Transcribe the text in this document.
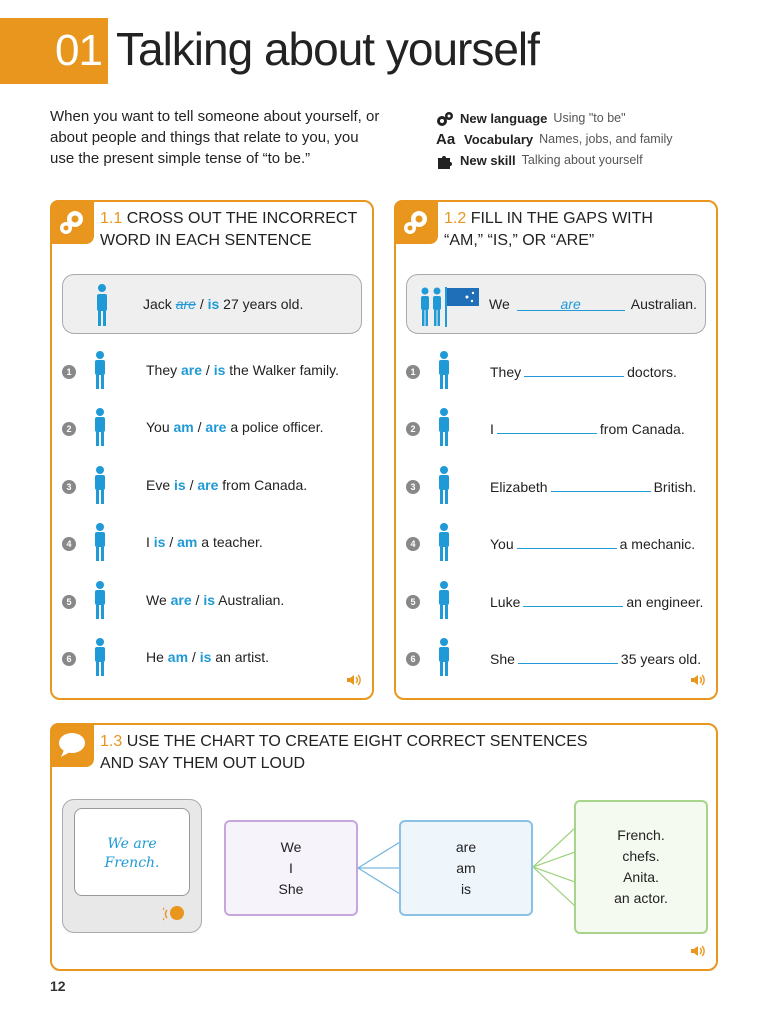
01 Talking about yourself
When you want to tell someone about yourself, or about people and things that relate to you, you use the present simple tense of “to be.”
New language Using "to be"
Aa Vocabulary Names, jobs, and family
New skill Talking about yourself
1.1 CROSS OUT THE INCORRECT
WORD IN EACH SENTENCE
Jack are / is 27 years old.
1	They are / is the Walker family.
2	You am / are a police officer.
3	Eve is / are from Canada.
4	I is / am a teacher.
5	We are / is Australian.
6	He am / is an artist.
1.2 FILL IN THE GAPS WITH
“AM,” “IS,” OR “ARE”
We	are	Australian.
1	They	doctors.
2	I	from Canada.
3	Elizabeth	British.
4	You	a mechanic.
5	Luke	an engineer.
6	She	35 years old.
1.3 USE THE CHART TO CREATE EIGHT CORRECT SENTENCES
AND SAY THEM OUT LOUD
We are
French.
We
I
She
are
am
is
French.
chefs.
Anita.
an actor.
12
